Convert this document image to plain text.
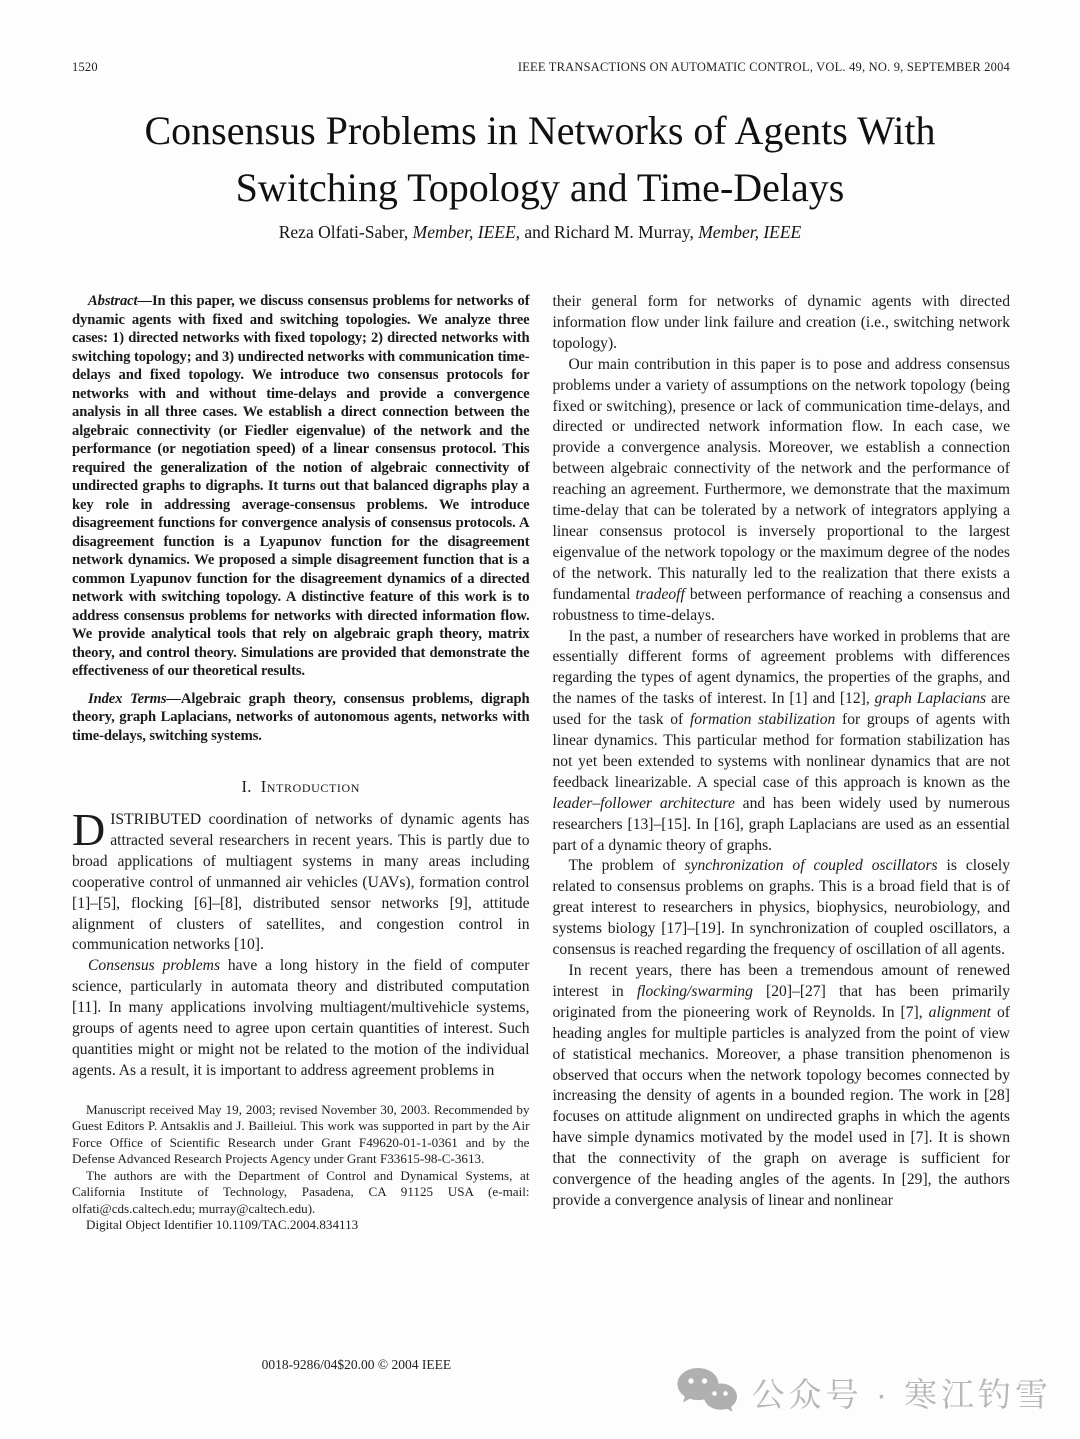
1520	IEEE TRANSACTIONS ON AUTOMATIC CONTROL, VOL. 49, NO. 9, SEPTEMBER 2004
Consensus Problems in Networks of Agents With
Switching Topology and Time-Delays
Reza Olfati-Saber, Member, IEEE, and Richard M. Murray, Member, IEEE

Abstract—In this paper, we discuss consensus problems for networks of dynamic agents with fixed and switching topologies. We analyze three cases: 1) directed networks with fixed topology; 2) directed networks with switching topology; and 3) undirected networks with communication time-delays and fixed topology. We introduce two consensus protocols for networks with and without time-delays and provide a convergence analysis in all three cases. We establish a direct connection between the algebraic connectivity (or Fiedler eigenvalue) of the network and the performance (or negotiation speed) of a linear consensus protocol. This required the generalization of the notion of algebraic connectivity of undirected graphs to digraphs. It turns out that balanced digraphs play a key role in addressing average-consensus problems. We introduce disagreement functions for convergence analysis of consensus protocols. A disagreement function is a Lyapunov function for the disagreement network dynamics. We proposed a simple disagreement function that is a common Lyapunov function for the disagreement dynamics of a directed network with switching topology. A distinctive feature of this work is to address consensus problems for networks with directed information flow. We provide analytical tools that rely on algebraic graph theory, matrix theory, and control theory. Simulations are provided that demonstrate the effectiveness of our theoretical results.

Index Terms—Algebraic graph theory, consensus problems, digraph theory, graph Laplacians, networks of autonomous agents, networks with time-delays, switching systems.

I. Introduction

DISTRIBUTED coordination of networks of dynamic agents has attracted several researchers in recent years. This is partly due to broad applications of multiagent systems in many areas including cooperative control of unmanned air vehicles (UAVs), formation control [1]–[5], flocking [6]–[8], distributed sensor networks [9], attitude alignment of clusters of satellites, and congestion control in communication networks [10].

Consensus problems have a long history in the field of computer science, particularly in automata theory and distributed computation [11]. In many applications involving multiagent/multivehicle systems, groups of agents need to agree upon certain quantities of interest. Such quantities might or might not be related to the motion of the individual agents. As a result, it is important to address agreement problems in

Manuscript received May 19, 2003; revised November 30, 2003. Recommended by Guest Editors P. Antsaklis and J. Bailleiul. This work was supported in part by the Air Force Office of Scientific Research under Grant F49620-01-1-0361 and by the Defense Advanced Research Projects Agency under Grant F33615-98-C-3613.

The authors are with the Department of Control and Dynamical Systems, at California Institute of Technology, Pasadena, CA 91125 USA (e-mail: olfati@cds.caltech.edu; murray@caltech.edu).

Digital Object Identifier 10.1109/TAC.2004.834113

their general form for networks of dynamic agents with directed information flow under link failure and creation (i.e., switching network topology).

Our main contribution in this paper is to pose and address consensus problems under a variety of assumptions on the network topology (being fixed or switching), presence or lack of communication time-delays, and directed or undirected network information flow. In each case, we provide a convergence analysis. Moreover, we establish a connection between algebraic connectivity of the network and the performance of reaching an agreement. Furthermore, we demonstrate that the maximum time-delay that can be tolerated by a network of integrators applying a linear consensus protocol is inversely proportional to the largest eigenvalue of the network topology or the maximum degree of the nodes of the network. This naturally led to the realization that there exists a fundamental tradeoff between performance of reaching a consensus and robustness to time-delays.

In the past, a number of researchers have worked in problems that are essentially different forms of agreement problems with differences regarding the types of agent dynamics, the properties of the graphs, and the names of the tasks of interest. In [1] and [12], graph Laplacians are used for the task of formation stabilization for groups of agents with linear dynamics. This particular method for formation stabilization has not yet been extended to systems with nonlinear dynamics that are not feedback linearizable. A special case of this approach is known as the leader–follower architecture and has been widely used by numerous researchers [13]–[15]. In [16], graph Laplacians are used as an essential part of a dynamic theory of graphs.

The problem of synchronization of coupled oscillators is closely related to consensus problems on graphs. This is a broad field that is of great interest to researchers in physics, biophysics, neurobiology, and systems biology [17]–[19]. In synchronization of coupled oscillators, a consensus is reached regarding the frequency of oscillation of all agents.

In recent years, there has been a tremendous amount of renewed interest in flocking/swarming [20]–[27] that has been primarily originated from the pioneering work of Reynolds. In [7], alignment of heading angles for multiple particles is analyzed from the point of view of statistical mechanics. Moreover, a phase transition phenomenon is observed that occurs when the network topology becomes connected by increasing the density of agents in a bounded region. The work in [28] focuses on attitude alignment on undirected graphs in which the agents have simple dynamics motivated by the model used in [7]. It is shown that the connectivity of the graph on average is sufficient for convergence of the heading angles of the agents. In [29], the authors provide a convergence analysis of linear and nonlinear

0018-9286/04$20.00 © 2004 IEEE
公众号 · 寒江钓雪
